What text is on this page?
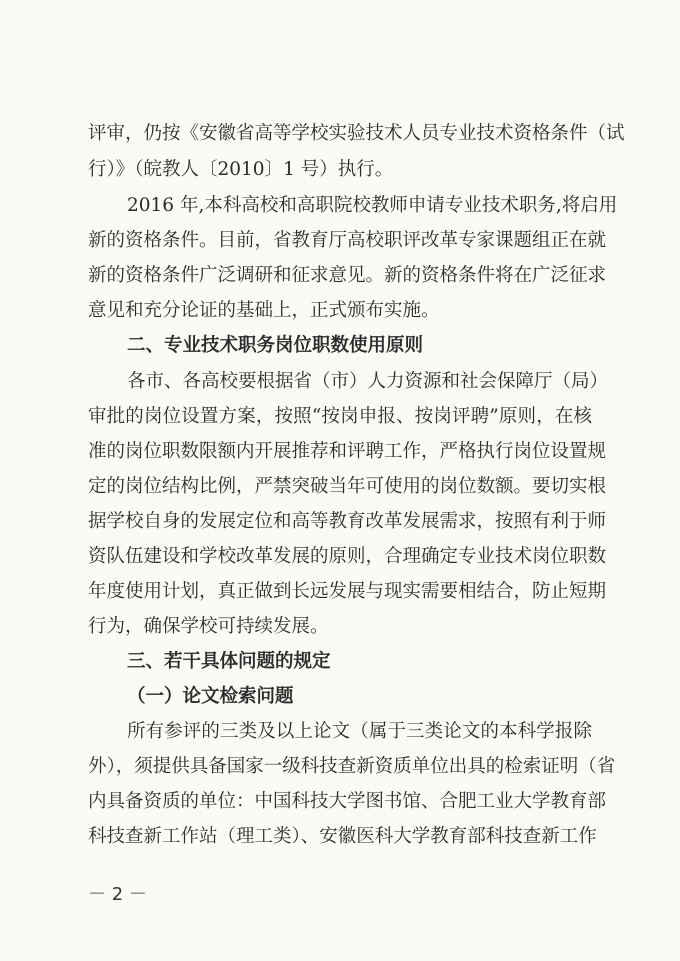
评审，仍按《安徽省高等学校实验技术人员专业技术资格条件（试
行）》（皖教人〔2010〕1 号）执行。
2016 年,本科高校和高职院校教师申请专业技术职务,将启用
新的资格条件。目前，省教育厅高校职评改革专家课题组正在就
新的资格条件广泛调研和征求意见。新的资格条件将在广泛征求
意见和充分论证的基础上，正式颁布实施。
二、专业技术职务岗位职数使用原则
各市、各高校要根据省（市）人力资源和社会保障厅（局）
审批的岗位设置方案，按照“按岗申报、按岗评聘”原则，在核
准的岗位职数限额内开展推荐和评聘工作，严格执行岗位设置规
定的岗位结构比例，严禁突破当年可使用的岗位数额。要切实根
据学校自身的发展定位和高等教育改革发展需求，按照有利于师
资队伍建设和学校改革发展的原则，合理确定专业技术岗位职数
年度使用计划，真正做到长远发展与现实需要相结合，防止短期
行为，确保学校可持续发展。
三、若干具体问题的规定
（一）论文检索问题
所有参评的三类及以上论文（属于三类论文的本科学报除
外），须提供具备国家一级科技查新资质单位出具的检索证明（省
内具备资质的单位：中国科技大学图书馆、合肥工业大学教育部
科技查新工作站（理工类）、安徽医科大学教育部科技查新工作
－ 2 －
